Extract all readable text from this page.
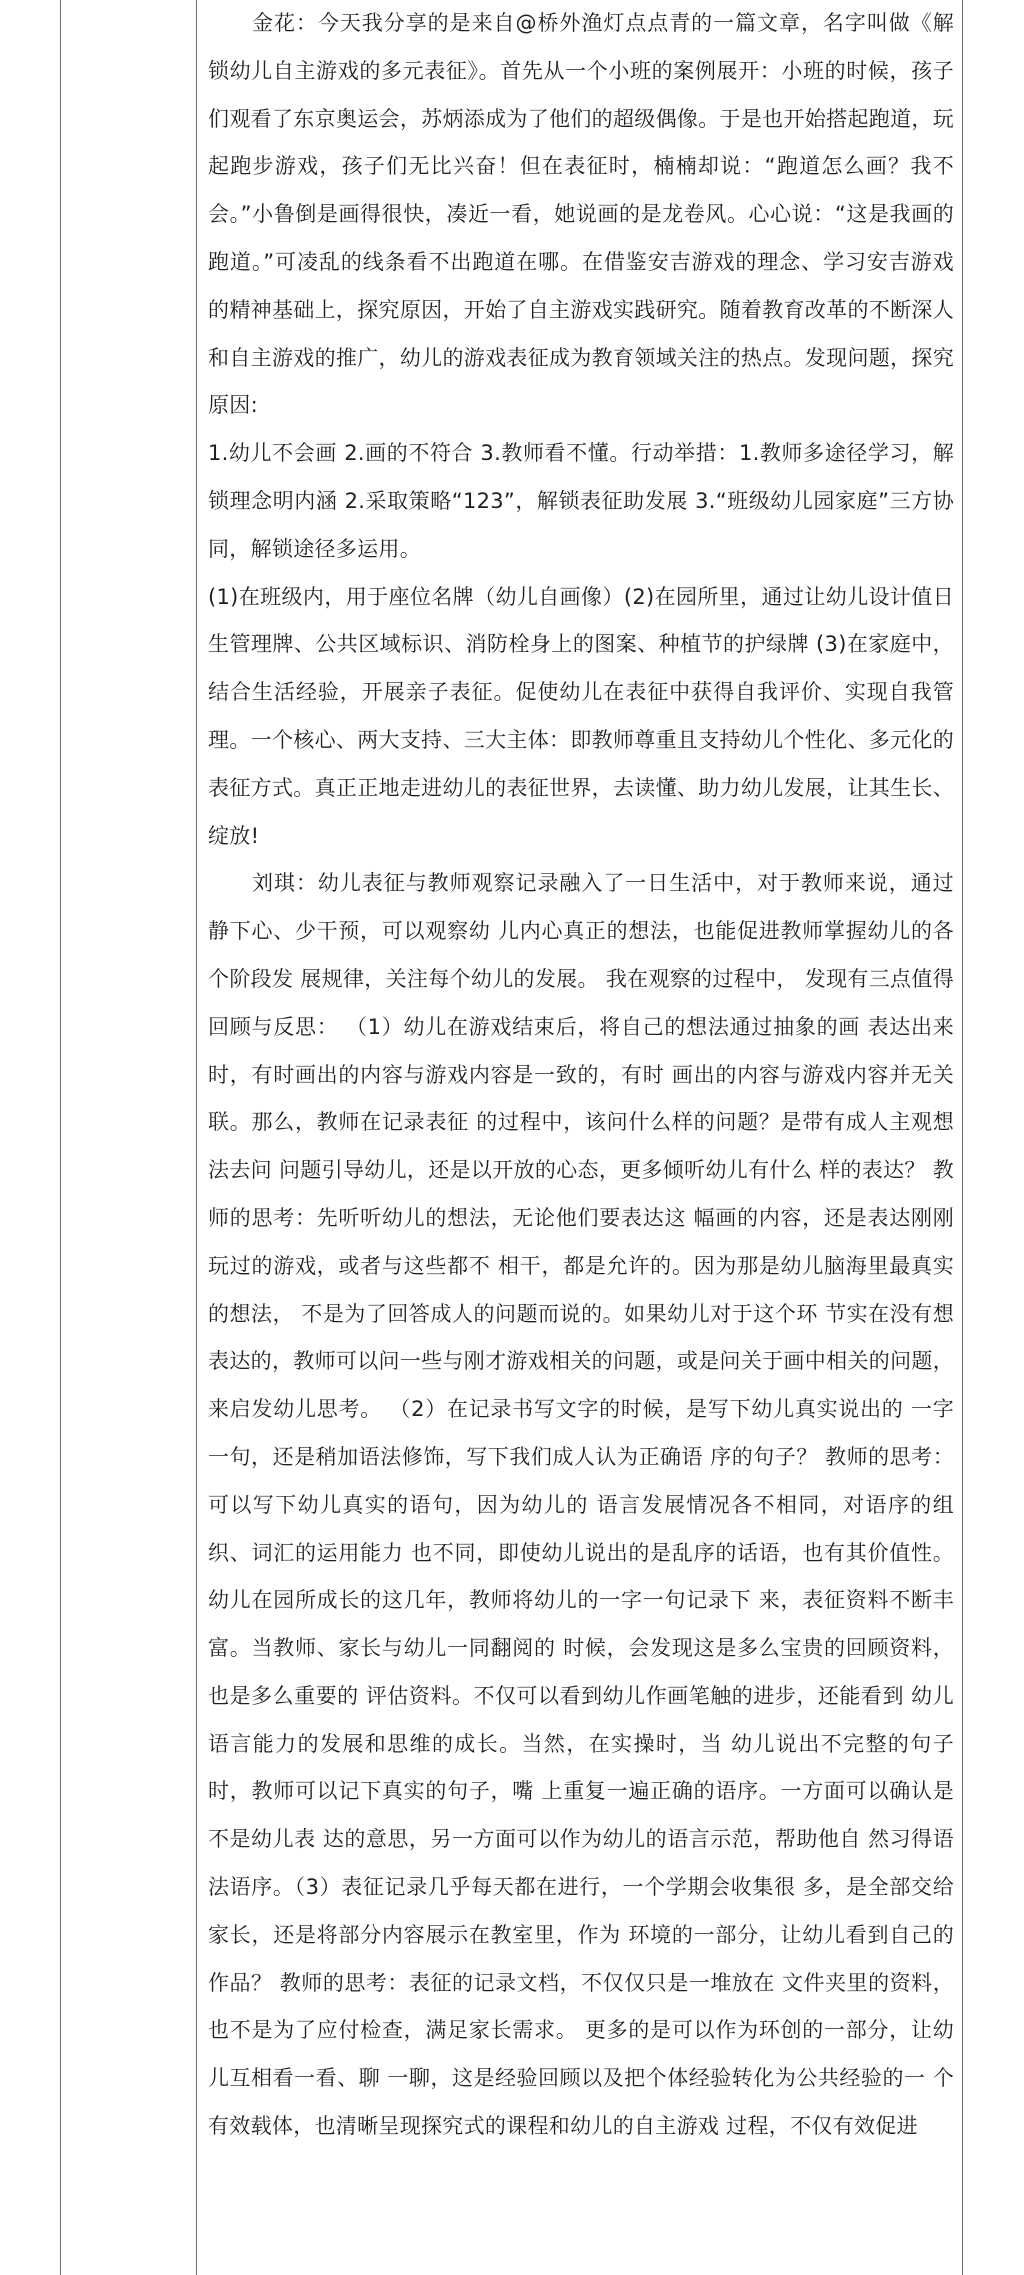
金花：今天我分享的是来自@桥外渔灯点点青的一篇文章，名字叫做《解锁幼儿自主游戏的多元表征》。首先从一个小班的案例展开：小班的时候，孩子们观看了东京奥运会，苏炳添成为了他们的超级偶像。于是也开始搭起跑道，玩起跑步游戏，孩子们无比兴奋！但在表征时，楠楠却说：“跑道怎么画？我不会。”小鲁倒是画得很快，凑近一看，她说画的是龙卷风。心心说：“这是我画的跑道。”可凌乱的线条看不出跑道在哪。在借鉴安吉游戏的理念、学习安吉游戏的精神基础上，探究原因，开始了自主游戏实践研究。随着教育改革的不断深人和自主游戏的推广，幼儿的游戏表征成为教育领域关注的热点。发现问题，探究原因:

1.幼儿不会画 2.画的不符合 3.教师看不懂。行动举措：1.教师多途径学习，解锁理念明内涵 2.采取策略“123”，解锁表征助发展 3.“班级幼儿园家庭”三方协同，解锁途径多运用。

(1)在班级内，用于座位名牌（幼儿自画像）(2)在园所里，通过让幼儿设计值日生管理牌、公共区域标识、消防栓身上的图案、种植节的护绿牌 (3)在家庭中，结合生活经验，开展亲子表征。促使幼儿在表征中获得自我评价、实现自我管理。一个核心、两大支持、三大主体：即教师尊重且支持幼儿个性化、多元化的表征方式。真正正地走进幼儿的表征世界，去读懂、助力幼儿发展，让其生长、绽放!

刘琪：幼儿表征与教师观察记录融入了一日生活中，对于教师来说，通过静下心、少干预，可以观察幼 儿内心真正的想法，也能促进教师掌握幼儿的各个阶段发 展规律，关注每个幼儿的发展。 我在观察的过程中， 发现有三点值得回顾与反思： （1）幼儿在游戏结束后，将自己的想法通过抽象的画 表达出来时，有时画出的内容与游戏内容是一致的，有时 画出的内容与游戏内容并无关联。那么，教师在记录表征 的过程中，该问什么样的问题？是带有成人主观想法去问 问题引导幼儿，还是以开放的心态，更多倾听幼儿有什么 样的表达？ 教师的思考：先听听幼儿的想法，无论他们要表达这 幅画的内容，还是表达刚刚玩过的游戏，或者与这些都不 相干，都是允许的。因为那是幼儿脑海里最真实的想法， 不是为了回答成人的问题而说的。如果幼儿对于这个环 节实在没有想表达的，教师可以问一些与刚才游戏相关的问题，或是问关于画中相关的问题， 来启发幼儿思考。 （2）在记录书写文字的时候，是写下幼儿真实说出的 一字一句，还是稍加语法修饰，写下我们成人认为正确语 序的句子？ 教师的思考：可以写下幼儿真实的语句，因为幼儿的 语言发展情况各不相同，对语序的组织、词汇的运用能力 也不同，即使幼儿说出的是乱序的话语，也有其价值性。 幼儿在园所成长的这几年，教师将幼儿的一字一句记录下 来，表征资料不断丰富。当教师、家长与幼儿一同翻阅的 时候，会发现这是多么宝贵的回顾资料，也是多么重要的 评估资料。不仅可以看到幼儿作画笔触的进步，还能看到 幼儿语言能力的发展和思维的成长。当然，在实操时，当 幼儿说出不完整的句子时，教师可以记下真实的句子，嘴 上重复一遍正确的语序。一方面可以确认是不是幼儿表 达的意思，另一方面可以作为幼儿的语言示范，帮助他自 然习得语法语序。（3）表征记录几乎每天都在进行，一个学期会收集很 多，是全部交给家长，还是将部分内容展示在教室里，作为 环境的一部分，让幼儿看到自己的作品？ 教师的思考：表征的记录文档，不仅仅只是一堆放在 文件夹里的资料，也不是为了应付检查，满足家长需求。 更多的是可以作为环创的一部分，让幼儿互相看一看、聊 一聊，这是经验回顾以及把个体经验转化为公共经验的一 个有效载体，也清晰呈现探究式的课程和幼儿的自主游戏 过程，不仅有效促进
